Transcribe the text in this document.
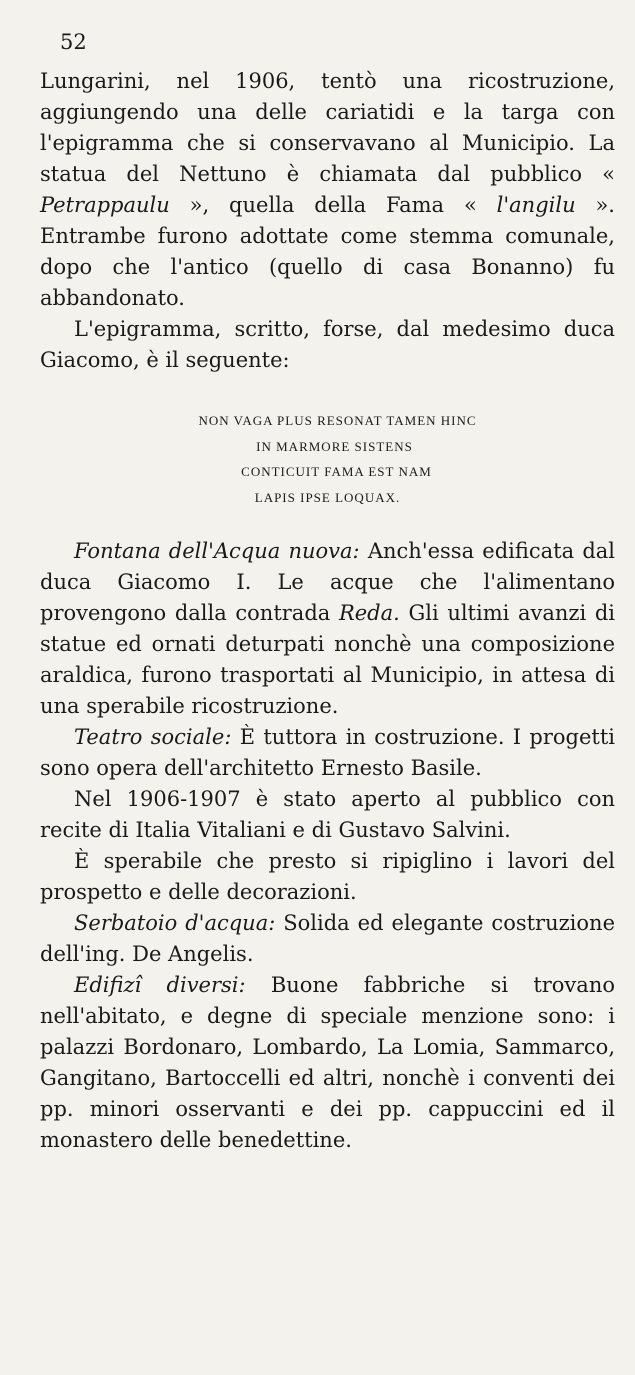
52

Lungarini, nel 1906, tentò una ricostruzione, aggiungendo una delle cariatidi e la targa con l'epigramma che si conservavano al Municipio. La statua del Nettuno è chiamata dal pubblico « Petrappaulu », quella della Fama « l'angilu ». Entrambe furono adottate come stemma comunale, dopo che l'antico (quello di casa Bonanno) fu abbandonato.

L'epigramma, scritto, forse, dal medesimo duca Giacomo, è il seguente:

NON VAGA PLUS RESONAT TAMEN HINC
IN MARMORE SISTENS
CONTICUIT FAMA EST NAM
LAPIS IPSE LOQUAX.

Fontana dell'Acqua nuova: Anch'essa edificata dal duca Giacomo I. Le acque che l'alimentano provengono dalla contrada Reda. Gli ultimi avanzi di statue ed ornati deturpati nonchè una composizione araldica, furono trasportati al Municipio, in attesa di una sperabile ricostruzione.

Teatro sociale: È tuttora in costruzione. I progetti sono opera dell'architetto Ernesto Basile.

Nel 1906-1907 è stato aperto al pubblico con recite di Italia Vitaliani e di Gustavo Salvini.

È sperabile che presto si ripiglino i lavori del prospetto e delle decorazioni.

Serbatoio d'acqua: Solida ed elegante costruzione dell'ing. De Angelis.

Edifizî diversi: Buone fabbriche si trovano nell'abitato, e degne di speciale menzione sono: i palazzi Bordonaro, Lombardo, La Lomia, Sammarco, Gangitano, Bartoccelli ed altri, nonchè i conventi dei pp. minori osservanti e dei pp. cappuccini ed il monastero delle benedettine.
